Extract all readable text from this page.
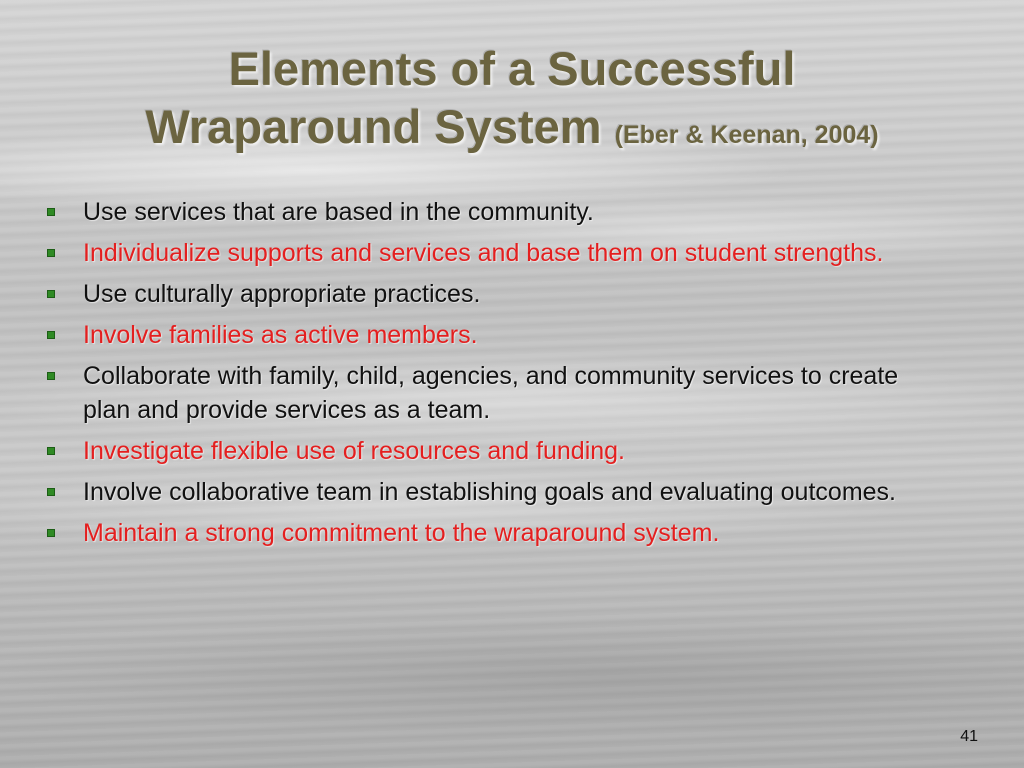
Elements of a Successful
Wraparound System (Eber & Keenan, 2004)
Use services that are based in the community.
Individualize supports and services and base them on student strengths.
Use culturally appropriate practices.
Involve families as active members.
Collaborate with family, child, agencies, and community services to create plan and provide services as a team.
Investigate flexible use of resources and funding.
Involve collaborative team in establishing goals and evaluating outcomes.
Maintain a strong commitment to the wraparound system.
41
